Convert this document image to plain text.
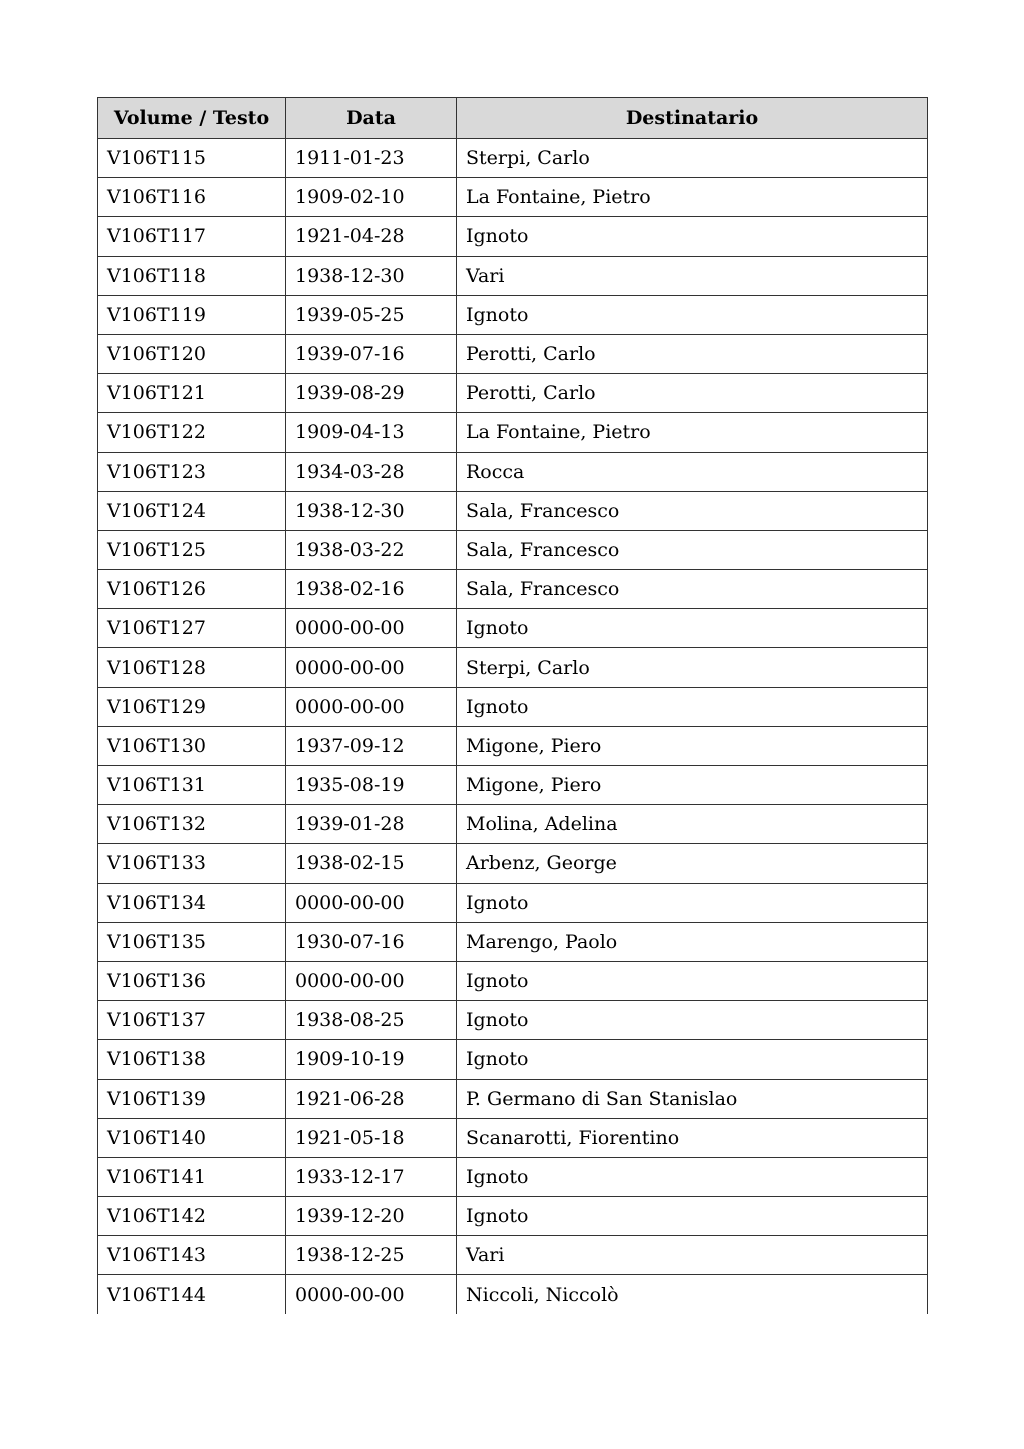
Volume / Testo	Data	Destinatario
V106T115	1911-01-23	Sterpi, Carlo
V106T116	1909-02-10	La Fontaine, Pietro
V106T117	1921-04-28	Ignoto
V106T118	1938-12-30	Vari
V106T119	1939-05-25	Ignoto
V106T120	1939-07-16	Perotti, Carlo
V106T121	1939-08-29	Perotti, Carlo
V106T122	1909-04-13	La Fontaine, Pietro
V106T123	1934-03-28	Rocca
V106T124	1938-12-30	Sala, Francesco
V106T125	1938-03-22	Sala, Francesco
V106T126	1938-02-16	Sala, Francesco
V106T127	0000-00-00	Ignoto
V106T128	0000-00-00	Sterpi, Carlo
V106T129	0000-00-00	Ignoto
V106T130	1937-09-12	Migone, Piero
V106T131	1935-08-19	Migone, Piero
V106T132	1939-01-28	Molina, Adelina
V106T133	1938-02-15	Arbenz, George
V106T134	0000-00-00	Ignoto
V106T135	1930-07-16	Marengo, Paolo
V106T136	0000-00-00	Ignoto
V106T137	1938-08-25	Ignoto
V106T138	1909-10-19	Ignoto
V106T139	1921-06-28	P. Germano di San Stanislao
V106T140	1921-05-18	Scanarotti, Fiorentino
V106T141	1933-12-17	Ignoto
V106T142	1939-12-20	Ignoto
V106T143	1938-12-25	Vari
V106T144	0000-00-00	Niccoli, Niccolò
